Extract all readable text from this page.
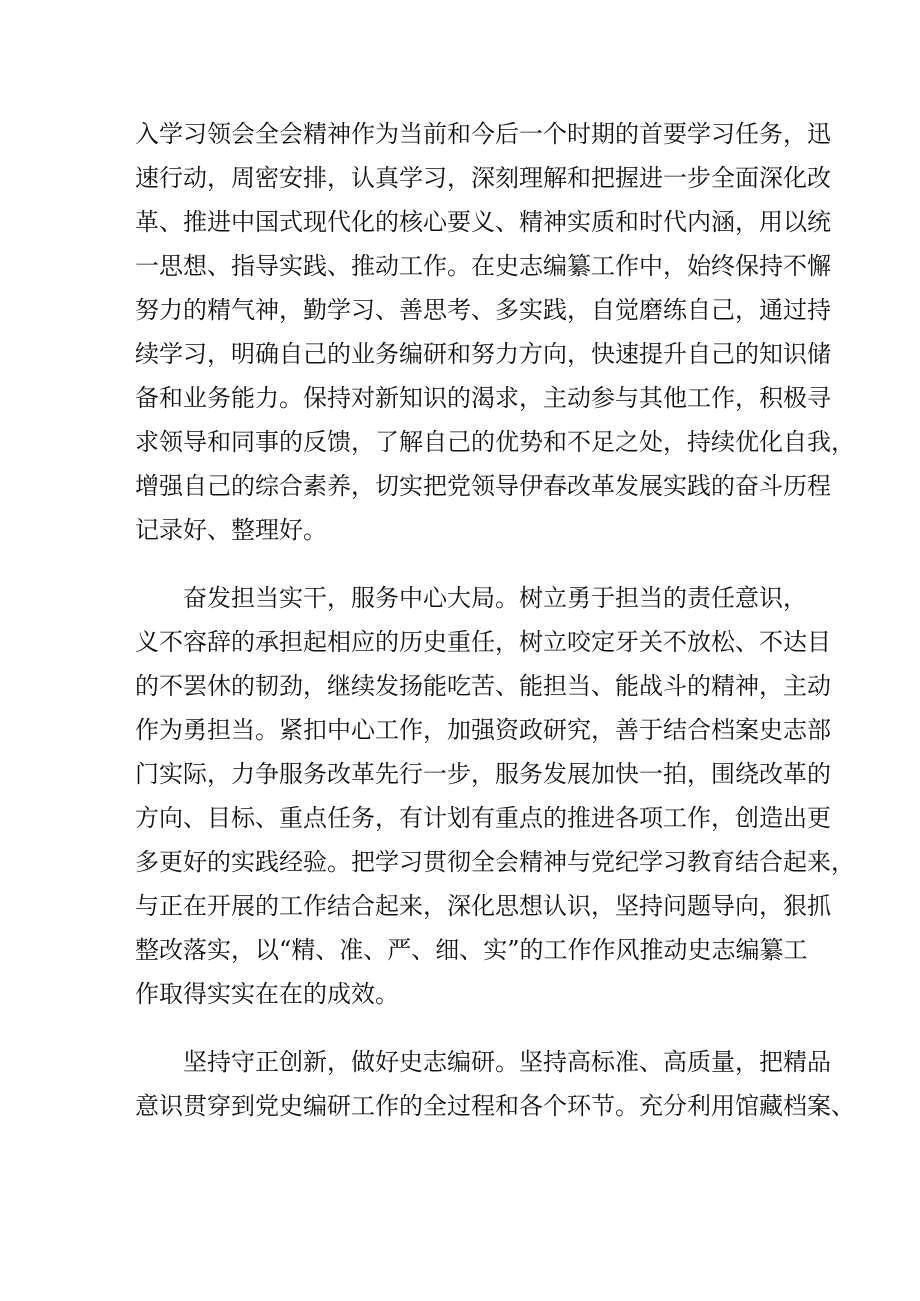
入学习领会全会精神作为当前和今后一个时期的首要学习任务，迅
速行动，周密安排，认真学习，深刻理解和把握进一步全面深化改
革、推进中国式现代化的核心要义、精神实质和时代内涵，用以统
一思想、指导实践、推动工作。在史志编纂工作中，始终保持不懈
努力的精气神，勤学习、善思考、多实践，自觉磨练自己，通过持
续学习，明确自己的业务编研和努力方向，快速提升自己的知识储
备和业务能力。保持对新知识的渴求，主动参与其他工作，积极寻
求领导和同事的反馈，了解自己的优势和不足之处，持续优化自我，
增强自己的综合素养，切实把党领导伊春改革发展实践的奋斗历程
记录好、整理好。
奋发担当实干，服务中心大局。树立勇于担当的责任意识，
义不容辞的承担起相应的历史重任，树立咬定牙关不放松、不达目
的不罢休的韧劲，继续发扬能吃苦、能担当、能战斗的精神，主动
作为勇担当。紧扣中心工作，加强资政研究，善于结合档案史志部
门实际，力争服务改革先行一步，服务发展加快一拍，围绕改革的
方向、目标、重点任务，有计划有重点的推进各项工作，创造出更
多更好的实践经验。把学习贯彻全会精神与党纪学习教育结合起来，
与正在开展的工作结合起来，深化思想认识，坚持问题导向，狠抓
整改落实，以“精、准、严、细、实”的工作作风推动史志编纂工
作取得实实在在的成效。
坚持守正创新，做好史志编研。坚持高标准、高质量，把精品
意识贯穿到党史编研工作的全过程和各个环节。充分利用馆藏档案、
